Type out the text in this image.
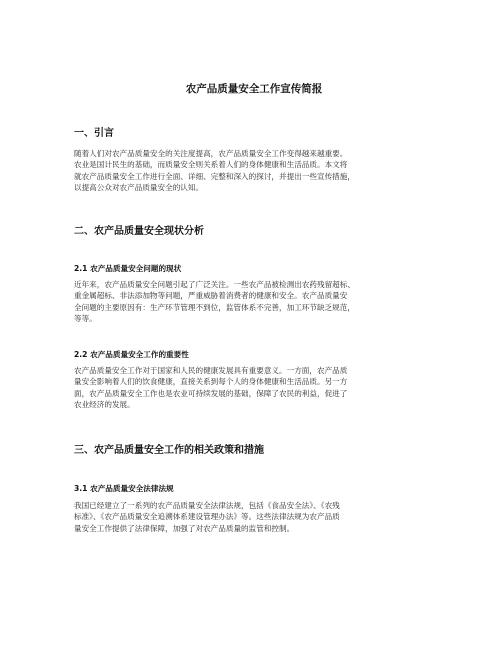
农产品质量安全工作宣传简报
一、引言
随着人们对农产品质量安全的关注度提高，农产品质量安全工作变得越来越重要。
农业是国计民生的基础，而质量安全则关系着人们的身体健康和生活品质。本文将
就农产品质量安全工作进行全面、详细、完整和深入的探讨，并提出一些宣传措施，
以提高公众对农产品质量安全的认知。
二、农产品质量安全现状分析
2.1 农产品质量安全问题的现状
近年来，农产品质量安全问题引起了广泛关注。一些农产品被检测出农药残留超标、
重金属超标、非法添加物等问题，严重威胁着消费者的健康和安全。农产品质量安
全问题的主要原因有：生产环节管理不到位，监管体系不完善，加工环节缺乏规范，
等等。
2.2 农产品质量安全工作的重要性
农产品质量安全工作对于国家和人民的健康发展具有重要意义。一方面，农产品质
量安全影响着人们的饮食健康，直接关系到每个人的身体健康和生活品质。另一方
面，农产品质量安全工作也是农业可持续发展的基础，保障了农民的利益，促进了
农业经济的发展。
三、农产品质量安全工作的相关政策和措施
3.1 农产品质量安全法律法规
我国已经建立了一系列的农产品质量安全法律法规，包括《食品安全法》、《农残
标准》、《农产品质量安全追溯体系建设管理办法》等。这些法律法规为农产品质
量安全工作提供了法律保障，加强了对农产品质量的监管和控制。
